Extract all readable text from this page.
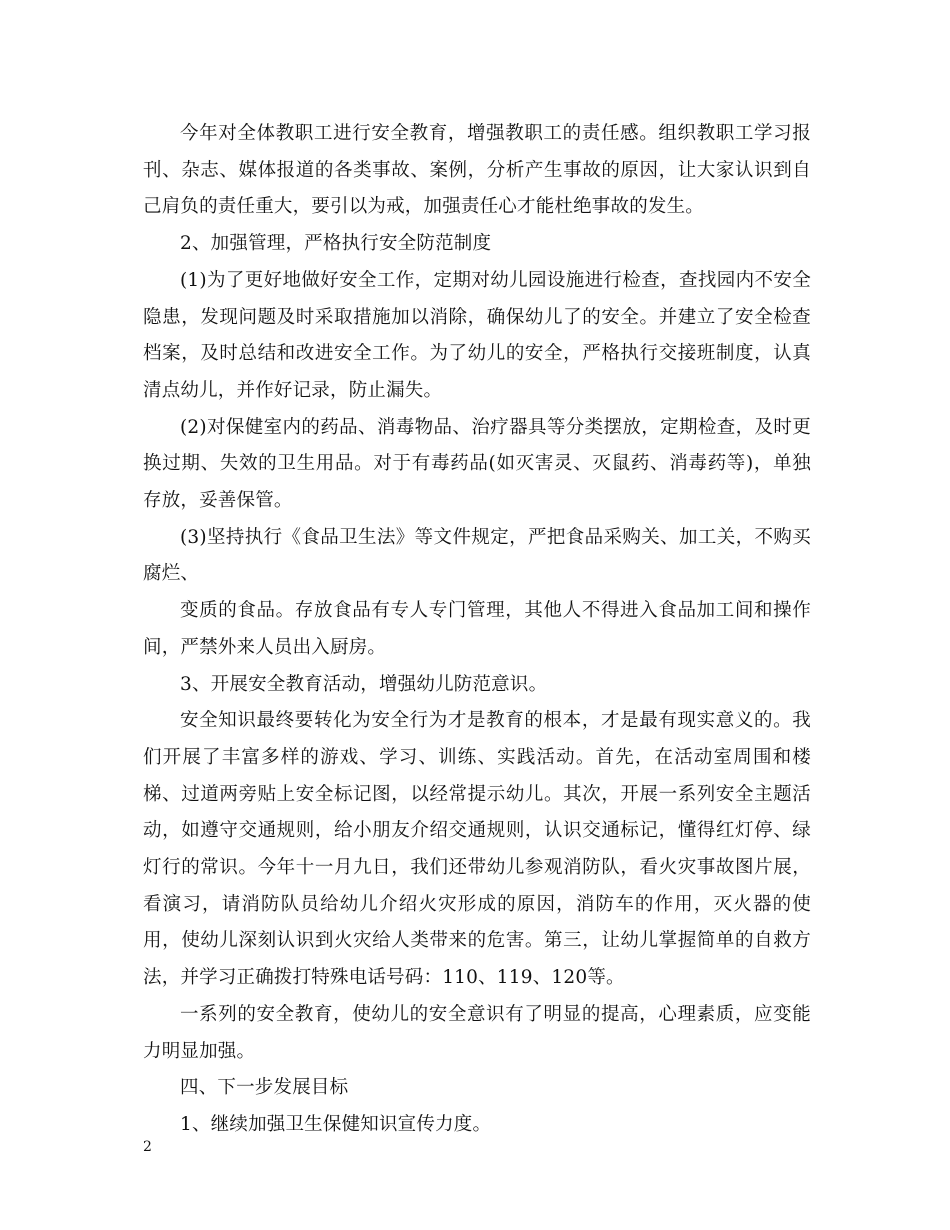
今年对全体教职工进行安全教育，增强教职工的责任感。组织教职工学习报刊、杂志、媒体报道的各类事故、案例，分析产生事故的原因，让大家认识到自己肩负的责任重大，要引以为戒，加强责任心才能杜绝事故的发生。

2、加强管理，严格执行安全防范制度

(1)为了更好地做好安全工作，定期对幼儿园设施进行检查，查找园内不安全隐患，发现问题及时采取措施加以消除，确保幼儿了的安全。并建立了安全检查档案，及时总结和改进安全工作。为了幼儿的安全，严格执行交接班制度，认真清点幼儿，并作好记录，防止漏失。

(2)对保健室内的药品、消毒物品、治疗器具等分类摆放，定期检查，及时更换过期、失效的卫生用品。对于有毒药品(如灭害灵、灭鼠药、消毒药等)，单独存放，妥善保管。

(3)坚持执行《食品卫生法》等文件规定，严把食品采购关、加工关，不购买腐烂、

变质的食品。存放食品有专人专门管理，其他人不得进入食品加工间和操作间，严禁外来人员出入厨房。

3、开展安全教育活动，增强幼儿防范意识。

安全知识最终要转化为安全行为才是教育的根本，才是最有现实意义的。我们开展了丰富多样的游戏、学习、训练、实践活动。首先，在活动室周围和楼梯、过道两旁贴上安全标记图，以经常提示幼儿。其次，开展一系列安全主题活动，如遵守交通规则，给小朋友介绍交通规则，认识交通标记，懂得红灯停、绿灯行的常识。今年十一月九日，我们还带幼儿参观消防队，看火灾事故图片展，看演习，请消防队员给幼儿介绍火灾形成的原因，消防车的作用，灭火器的使用，使幼儿深刻认识到火灾给人类带来的危害。第三，让幼儿掌握简单的自救方法，并学习正确拨打特殊电话号码：110、119、120等。

一系列的安全教育，使幼儿的安全意识有了明显的提高，心理素质，应变能力明显加强。

四、下一步发展目标

1、继续加强卫生保健知识宣传力度。

2
